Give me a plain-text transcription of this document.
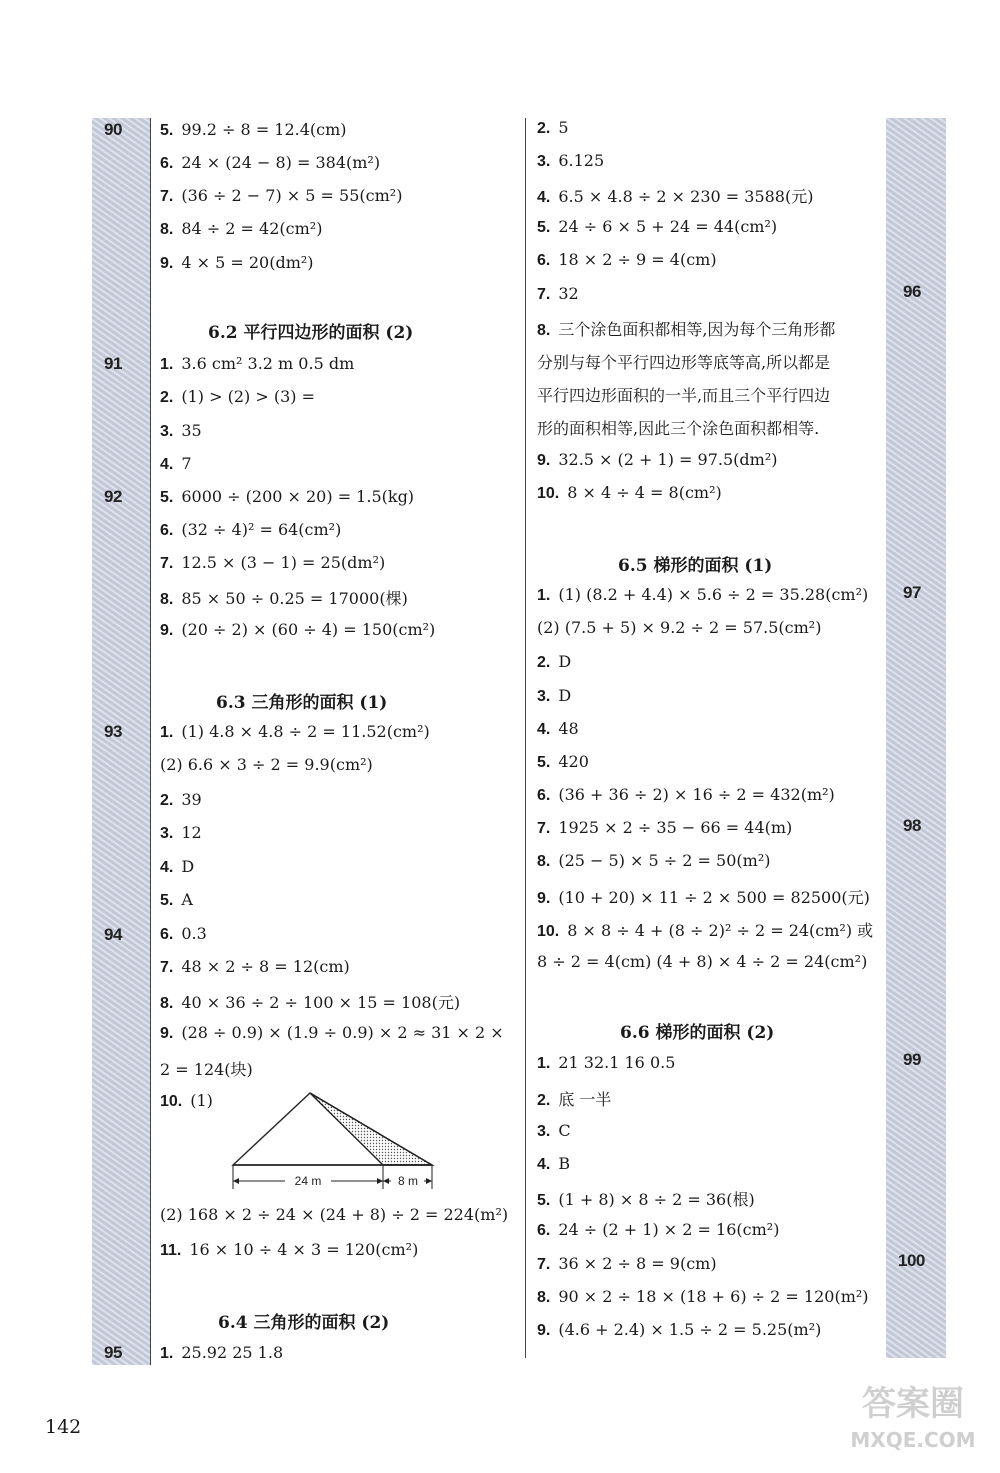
90
91
92
93
94
95
96
97
98
99
100
5. 99.2 ÷ 8 = 12.4(cm)
6. 24 × (24 − 8) = 384(m²)
7. (36 ÷ 2 − 7) × 5 = 55(cm²)
8. 84 ÷ 2 = 42(cm²)
9. 4 × 5 = 20(dm²)
6.2 平行四边形的面积 (2)
1. 3.6 cm² 3.2 m 0.5 dm
2. (1) > (2) > (3) =
3. 35
4. 7
5. 6000 ÷ (200 × 20) = 1.5(kg)
6. (32 ÷ 4)² = 64(cm²)
7. 12.5 × (3 − 1) = 25(dm²)
8. 85 × 50 ÷ 0.25 = 17000(棵)
9. (20 ÷ 2) × (60 ÷ 4) = 150(cm²)
6.3 三角形的面积 (1)
1. (1) 4.8 × 4.8 ÷ 2 = 11.52(cm²)
(2) 6.6 × 3 ÷ 2 = 9.9(cm²)
2. 39
3. 12
4. D
5. A
6. 0.3
7. 48 × 2 ÷ 8 = 12(cm)
8. 40 × 36 ÷ 2 ÷ 100 × 15 = 108(元)
9. (28 ÷ 0.9) × (1.9 ÷ 0.9) × 2 ≈ 31 × 2 ×
2 = 124(块)
10. (1)
24 m	8 m
(2) 168 × 2 ÷ 24 × (24 + 8) ÷ 2 = 224(m²)
11. 16 × 10 ÷ 4 × 3 = 120(cm²)
6.4 三角形的面积 (2)
1. 25.92 25 1.8
2. 5
3. 6.125
4. 6.5 × 4.8 ÷ 2 × 230 = 3588(元)
5. 24 ÷ 6 × 5 + 24 = 44(cm²)
6. 18 × 2 ÷ 9 = 4(cm)
7. 32
8. 三个涂色面积都相等,因为每个三角形都
分别与每个平行四边形等底等高,所以都是
平行四边形面积的一半,而且三个平行四边
形的面积相等,因此三个涂色面积都相等.
9. 32.5 × (2 + 1) = 97.5(dm²)
10. 8 × 4 ÷ 4 = 8(cm²)
6.5 梯形的面积 (1)
1. (1) (8.2 + 4.4) × 5.6 ÷ 2 = 35.28(cm²)
(2) (7.5 + 5) × 9.2 ÷ 2 = 57.5(cm²)
2. D
3. D
4. 48
5. 420
6. (36 + 36 ÷ 2) × 16 ÷ 2 = 432(m²)
7. 1925 × 2 ÷ 35 − 66 = 44(m)
8. (25 − 5) × 5 ÷ 2 = 50(m²)
9. (10 + 20) × 11 ÷ 2 × 500 = 82500(元)
10. 8 × 8 ÷ 4 + (8 ÷ 2)² ÷ 2 = 24(cm²) 或
8 ÷ 2 = 4(cm) (4 + 8) × 4 ÷ 2 = 24(cm²)
6.6 梯形的面积 (2)
1. 21 32.1 16 0.5
2. 底 一半
3. C
4. B
5. (1 + 8) × 8 ÷ 2 = 36(根)
6. 24 ÷ (2 + 1) × 2 = 16(cm²)
7. 36 × 2 ÷ 8 = 9(cm)
8. 90 × 2 ÷ 18 × (18 + 6) ÷ 2 = 120(m²)
9. (4.6 + 2.4) × 1.5 ÷ 2 = 5.25(m²)
142
答案圈
MXQE.COM
